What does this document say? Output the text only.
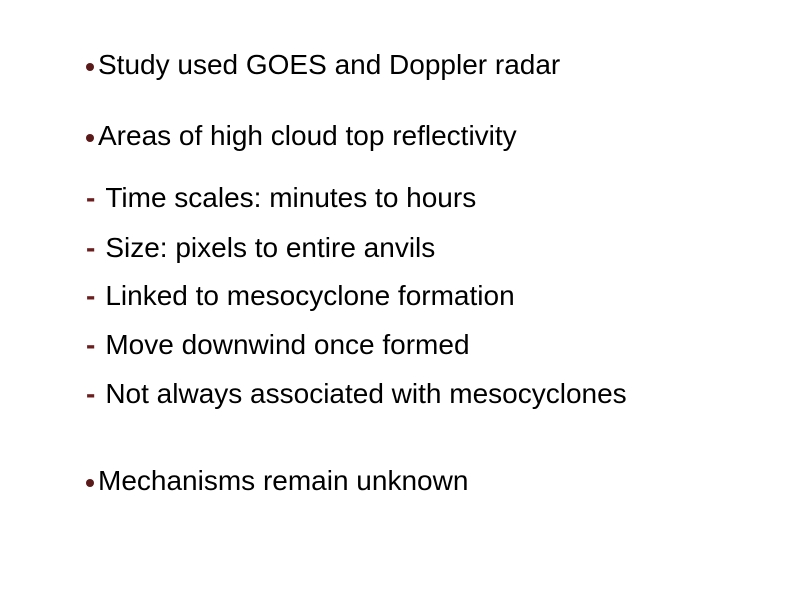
Study used GOES and Doppler radar
Areas of high cloud top reflectivity
- Time scales: minutes to hours
- Size: pixels to entire anvils
- Linked to mesocyclone formation
- Move downwind once formed
- Not always associated with mesocyclones
Mechanisms remain unknown
